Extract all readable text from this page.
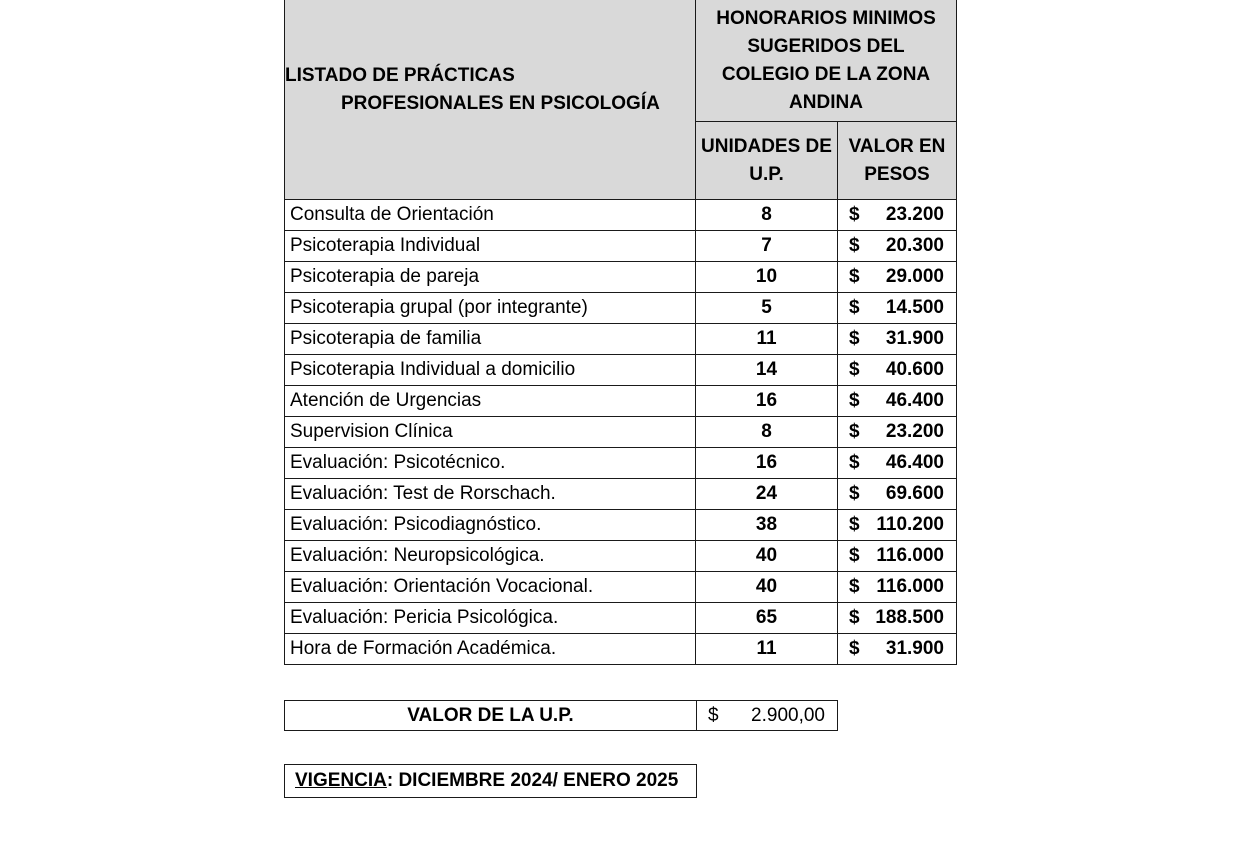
LISTADO DE PRÁCTICAS
PROFESIONALES EN PSICOLOGÍA	HONORARIOS MINIMOS SUGERIDOS DEL COLEGIO DE LA ZONA ANDINA	
	UNIDADES DE U.P.	VALOR EN PESOS
Consulta de Orientación	8	$ 23.200

Psicoterapia Individual	7	$ 20.300

Psicoterapia de pareja	10	$ 29.000

Psicoterapia grupal (por integrante)	5	$ 14.500

Psicoterapia de familia	11	$ 31.900

Psicoterapia Individual a domicilio	14	$ 40.600

Atención de Urgencias	16	$ 46.400

Supervision Clínica	8	$ 23.200

Evaluación: Psicotécnico.	16	$ 46.400

Evaluación: Test de Rorschach.	24	$ 69.600

Evaluación: Psicodiagnóstico.	38	$ 110.200

Evaluación: Neuropsicológica.	40	$ 116.000

Evaluación: Orientación Vocacional.	40	$ 116.000

Evaluación: Pericia Psicológica.	65	$ 188.500

Hora de Formación Académica.	11	$ 31.900
VALOR DE LA U.P.	$ 2.900,00
VIGENCIA: DICIEMBRE 2024/ ENERO 2025
